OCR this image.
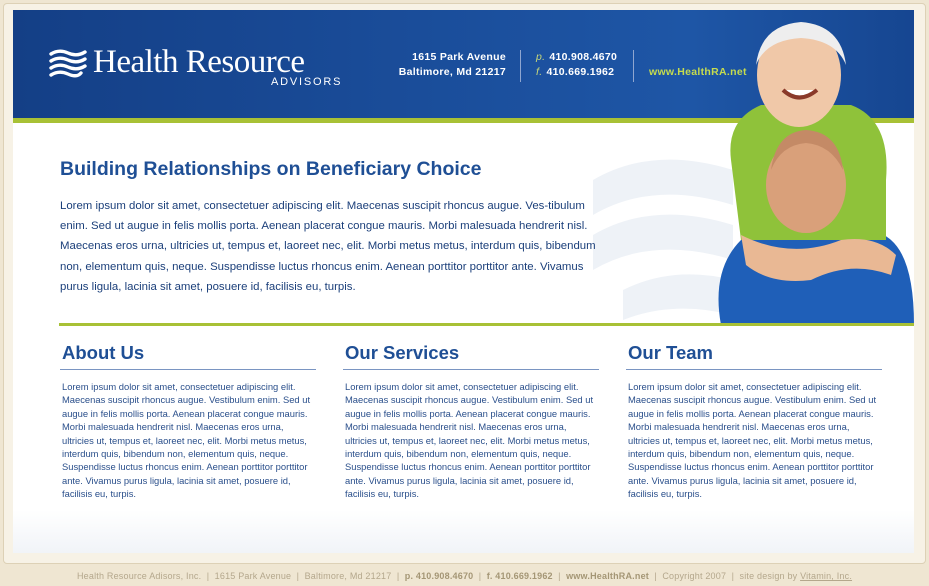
Health Resource
ADVISORS
1615 Park Avenue
Baltimore, Md 21217
p. 410.908.4670
f. 410.669.1962	www.HealthRA.net
Building Relationships on Beneficiary Choice
Lorem ipsum dolor sit amet, consectetuer adipiscing elit. Maecenas suscipit rhoncus augue. Ves-tibulum enim. Sed ut augue in felis mollis porta. Aenean placerat congue mauris. Morbi malesuada hendrerit nisl. Maecenas eros urna, ultricies ut, tempus et, laoreet nec, elit. Morbi metus metus, interdum quis, bibendum non, elementum quis, neque. Suspendisse luctus rhoncus enim. Aenean porttitor porttitor ante. Vivamus purus ligula, lacinia sit amet, posuere id, facilisis eu, turpis.
About Us

Lorem ipsum dolor sit amet, consectetuer adipiscing elit. Maecenas suscipit rhoncus augue. Vestibulum enim. Sed ut augue in felis mollis porta. Aenean placerat congue mauris. Morbi malesuada hendrerit nisl. Maecenas eros urna, ultricies ut, tempus et, laoreet nec, elit. Morbi metus metus, interdum quis, bibendum non, elementum quis, neque. Suspendisse luctus rhoncus enim. Aenean porttitor porttitor ante. Vivamus purus ligula, lacinia sit amet, posuere id, facilisis eu, turpis.

Our Services

Lorem ipsum dolor sit amet, consectetuer adipiscing elit. Maecenas suscipit rhoncus augue. Vestibulum enim. Sed ut augue in felis mollis porta. Aenean placerat congue mauris. Morbi malesuada hendrerit nisl. Maecenas eros urna, ultricies ut, tempus et, laoreet nec, elit. Morbi metus metus, interdum quis, bibendum non, elementum quis, neque. Suspendisse luctus rhoncus enim. Aenean porttitor porttitor ante. Vivamus purus ligula, lacinia sit amet, posuere id, facilisis eu, turpis.

Our Team

Lorem ipsum dolor sit amet, consectetuer adipiscing elit. Maecenas suscipit rhoncus augue. Vestibulum enim. Sed ut augue in felis mollis porta. Aenean placerat congue mauris. Morbi malesuada hendrerit nisl. Maecenas eros urna, ultricies ut, tempus et, laoreet nec, elit. Morbi metus metus, interdum quis, bibendum non, elementum quis, neque. Suspendisse luctus rhoncus enim. Aenean porttitor porttitor ante. Vivamus purus ligula, lacinia sit amet, posuere id, facilisis eu, turpis.

Health Resource Adisors, Inc.  |  1615 Park Avenue  |  Baltimore, Md 21217  |  p. 410.908.4670  |  f. 410.669.1962  |  www.HealthRA.net  |  Copyright 2007  |  site design by Vitamin, Inc.
